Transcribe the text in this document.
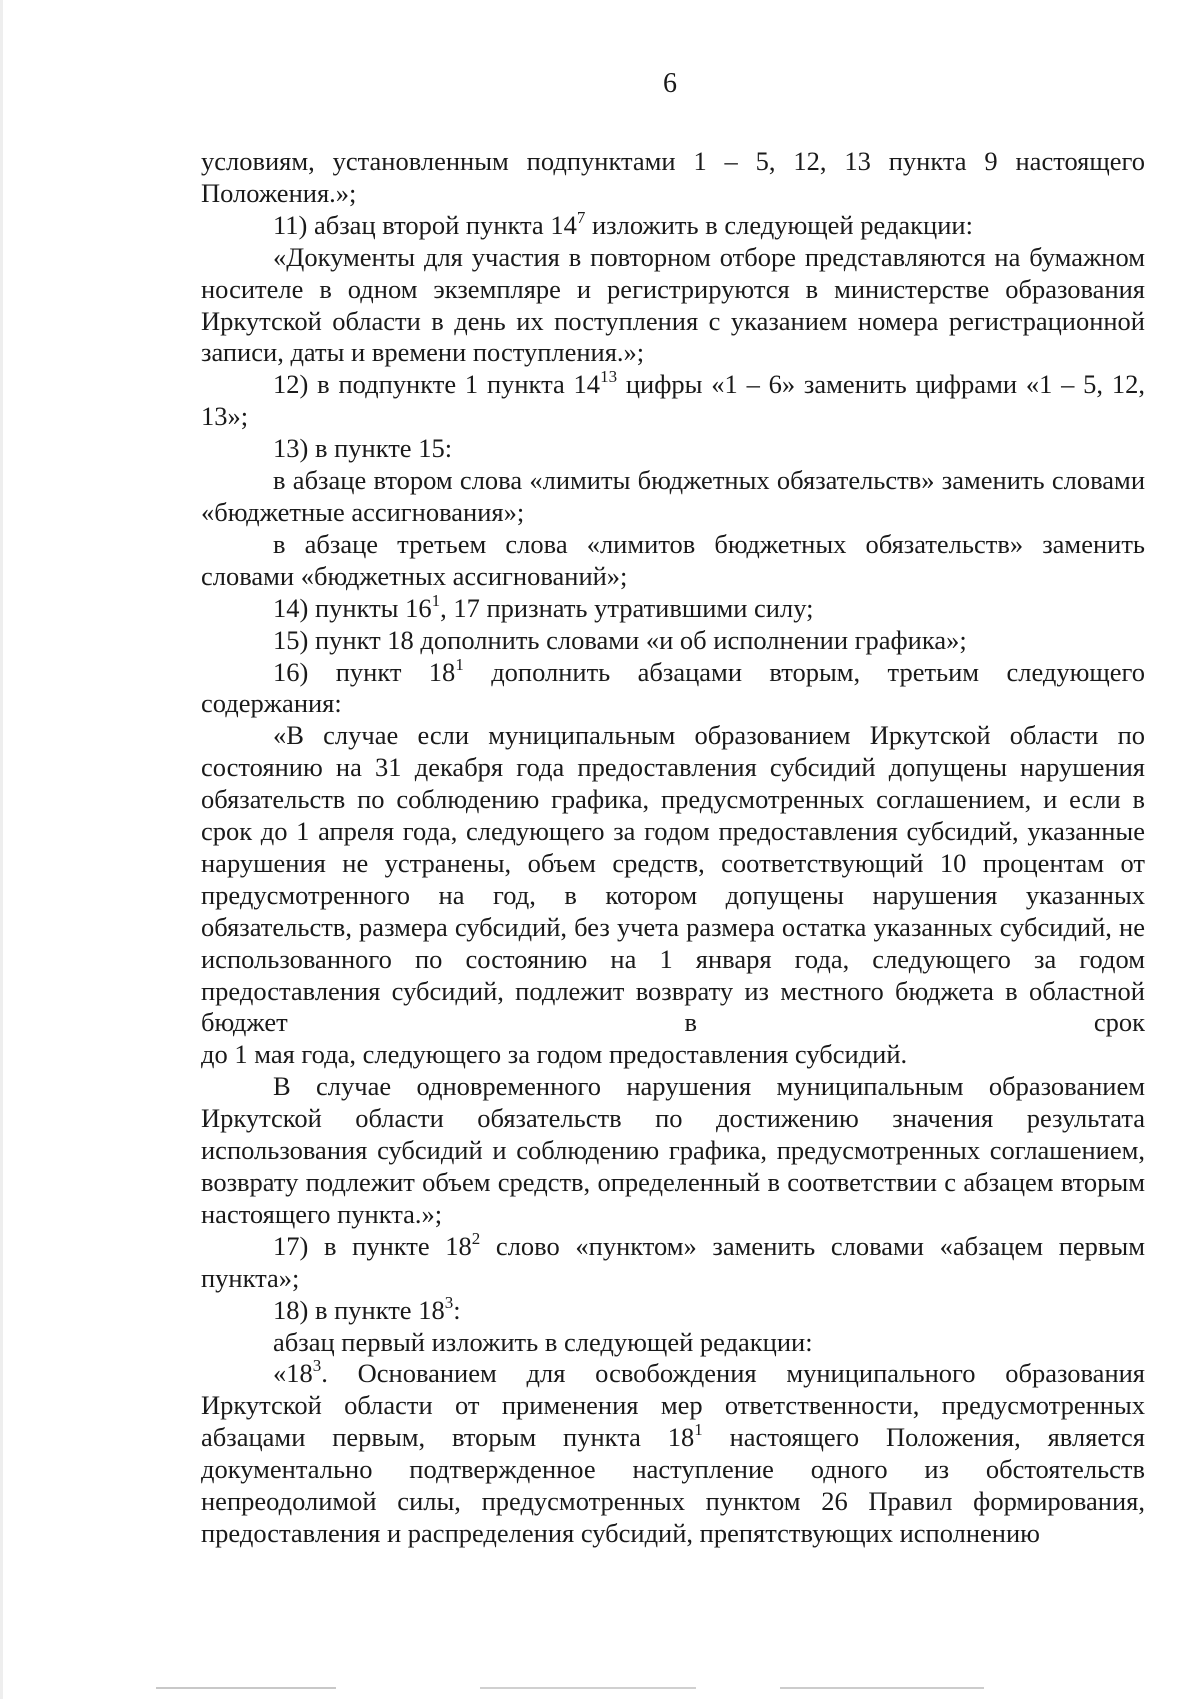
6

условиям, установленным подпунктами 1 – 5, 12, 13 пункта 9 настоящего Положения.»;

11) абзац второй пункта $14^7$ изложить в следующей редакции:

«Документы для участия в повторном отборе представляются на бумажном носителе в одном экземпляре и регистрируются в министерстве образования Иркутской области в день их поступления с указанием номера регистрационной записи, даты и времени поступления.»;

12) в подпункте 1 пункта $14^{13}$ цифры «1 – 6» заменить цифрами «1 – 5, 12, 13»;

13) в пункте 15:

в абзаце втором слова «лимиты бюджетных обязательств» заменить словами «бюджетные ассигнования»;

в абзаце третьем слова «лимитов бюджетных обязательств» заменить словами «бюджетных ассигнований»;

14) пункты $16^1$, 17 признать утратившими силу;

15) пункт 18 дополнить словами «и об исполнении графика»;

16) пункт $18^1$ дополнить абзацами вторым, третьим следующего содержания:

«В случае если муниципальным образованием Иркутской области по состоянию на 31 декабря года предоставления субсидий допущены нарушения обязательств по соблюдению графика, предусмотренных соглашением, и если в срок до 1 апреля года, следующего за годом предоставления субсидий, указанные нарушения не устранены, объем средств, соответствующий 10 процентам от предусмотренного на год, в котором допущены нарушения указанных обязательств, размера субсидий, без учета размера остатка указанных субсидий, не использованного по состоянию на 1 января года, следующего за годом предоставления субсидий, подлежит возврату из местного бюджета в областной бюджет в срок

до 1 мая года, следующего за годом предоставления субсидий.

В случае одновременного нарушения муниципальным образованием Иркутской области обязательств по достижению значения результата использования субсидий и соблюдению графика, предусмотренных соглашением, возврату подлежит объем средств, определенный в соответствии с абзацем вторым настоящего пункта.»;

17) в пункте $18^2$ слово «пунктом» заменить словами «абзацем первым пункта»;

18) в пункте $18^3$:

абзац первый изложить в следующей редакции:

«$18^3$. Основанием для освобождения муниципального образования Иркутской области от применения мер ответственности, предусмотренных абзацами первым, вторым пункта $18^1$ настоящего Положения, является документально подтвержденное наступление одного из обстоятельств непреодолимой силы, предусмотренных пунктом 26 Правил формирования, предоставления и распределения субсидий, препятствующих исполнению
